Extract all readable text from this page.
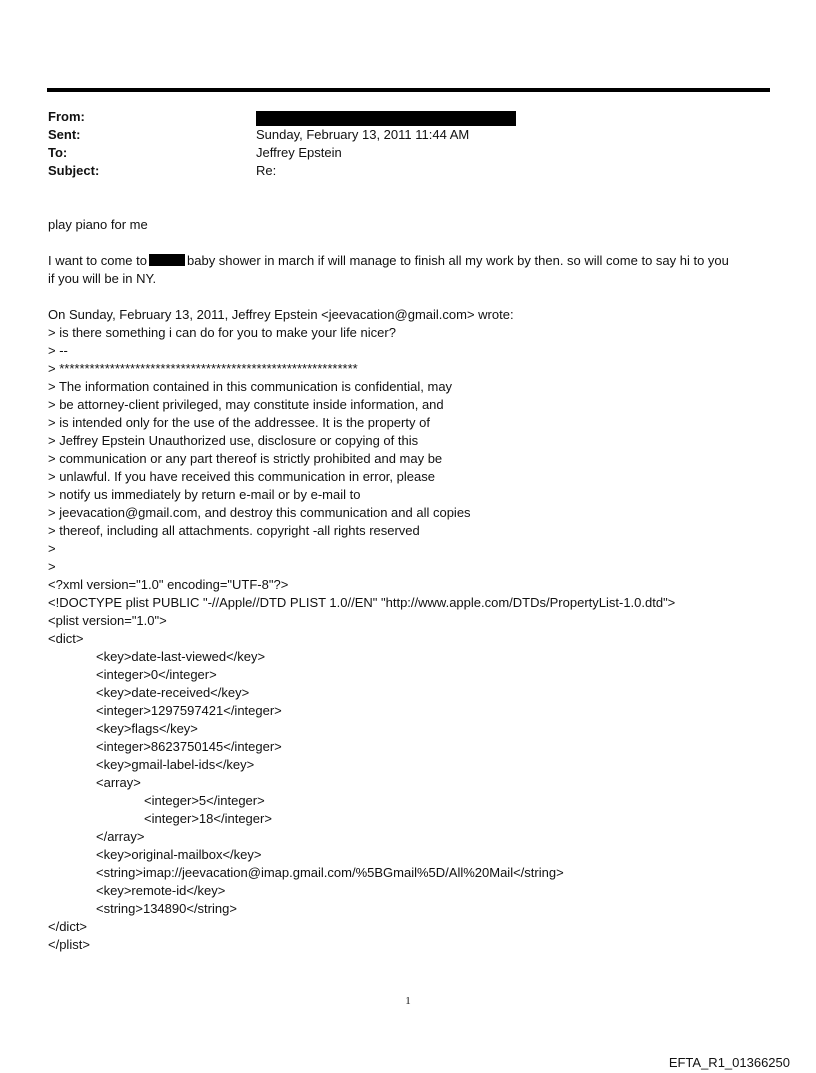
From:
Sent:	Sunday, February 13, 2011 11:44 AM
To:	Jeffrey Epstein
Subject:	Re:
play piano for me
I want to come to	baby shower in march if will manage to finish all my work by then. so will come to say hi to you
if you will be in NY.
On Sunday, February 13, 2011, Jeffrey Epstein <jeevacation@gmail.com> wrote:
> is there something i can do for you to make your life nicer?
> --
> ***********************************************************
> The information contained in this communication is confidential, may
> be attorney-client privileged, may constitute inside information, and
> is intended only for the use of the addressee. It is the property of
> Jeffrey Epstein Unauthorized use, disclosure or copying of this
> communication or any part thereof is strictly prohibited and may be
> unlawful. If you have received this communication in error, please
> notify us immediately by return e-mail or by e-mail to
> jeevacation@gmail.com, and destroy this communication and all copies
> thereof, including all attachments. copyright -all rights reserved
>
>
<?xml version="1.0" encoding="UTF-8"?>
<!DOCTYPE plist PUBLIC "-//Apple//DTD PLIST 1.0//EN" "http://www.apple.com/DTDs/PropertyList-1.0.dtd">
<plist version="1.0">
<dict>
<key>date-last-viewed</key>
<integer>0</integer>
<key>date-received</key>
<integer>1297597421</integer>
<key>flags</key>
<integer>8623750145</integer>
<key>gmail-label-ids</key>
<array>
<integer>5</integer>
<integer>18</integer>
</array>
<key>original-mailbox</key>
<string>imap://jeevacation@imap.gmail.com/%5BGmail%5D/All%20Mail</string>
<key>remote-id</key>
<string>134890</string>
</dict>
</plist>
1
EFTA_R1_01366250
